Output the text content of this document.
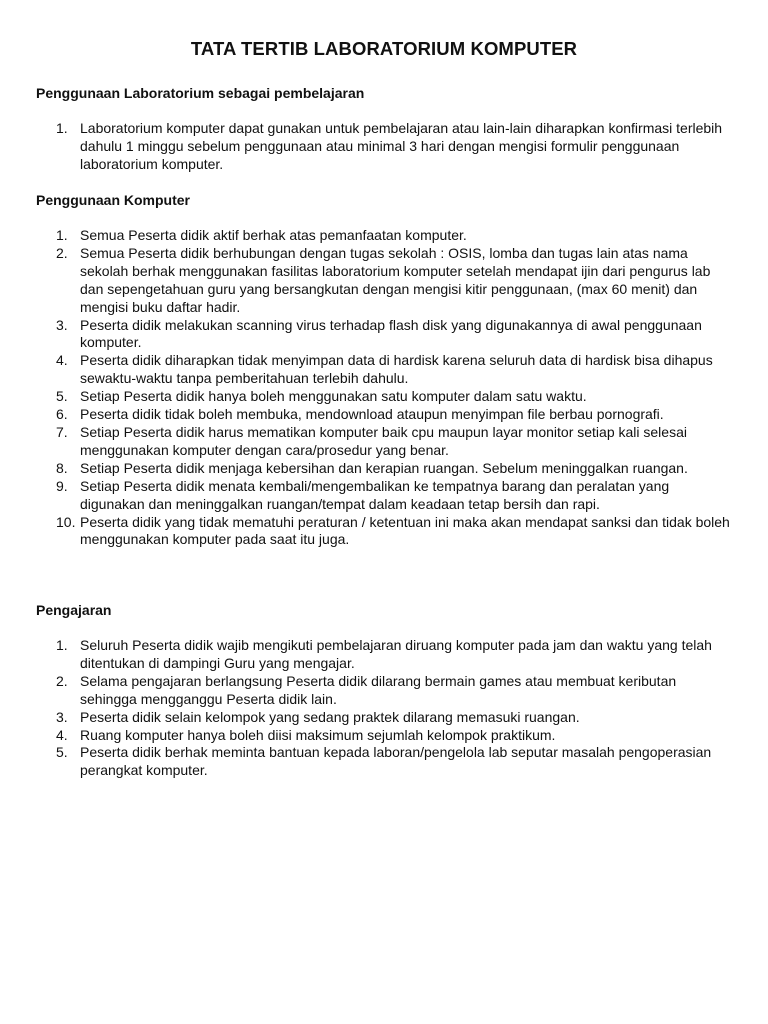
TATA TERTIB LABORATORIUM KOMPUTER

Penggunaan Laboratorium sebagai pembelajaran

1. Laboratorium komputer dapat gunakan untuk pembelajaran atau lain-lain diharapkan konfirmasi terlebih dahulu 1 minggu sebelum penggunaan atau minimal 3 hari dengan mengisi formulir penggunaan laboratorium komputer.

Penggunaan Komputer

1. Semua Peserta didik aktif berhak atas pemanfaatan komputer.
2. Semua Peserta didik berhubungan dengan tugas sekolah : OSIS, lomba dan tugas lain atas nama sekolah berhak menggunakan fasilitas laboratorium komputer setelah mendapat ijin dari pengurus lab dan sepengetahuan guru yang bersangkutan dengan mengisi kitir penggunaan, (max 60 menit) dan mengisi buku daftar hadir.
3. Peserta didik melakukan scanning virus terhadap flash disk yang digunakannya di awal penggunaan komputer.
4. Peserta didik diharapkan tidak menyimpan data di hardisk karena seluruh data di hardisk bisa dihapus sewaktu-waktu tanpa pemberitahuan terlebih dahulu.
5. Setiap Peserta didik hanya boleh menggunakan satu komputer dalam satu waktu.
6. Peserta didik tidak boleh membuka, mendownload ataupun menyimpan file berbau pornografi.
7. Setiap Peserta didik harus mematikan komputer baik cpu maupun layar monitor setiap kali selesai menggunakan komputer dengan cara/prosedur yang benar.
8. Setiap Peserta didik menjaga kebersihan dan kerapian ruangan. Sebelum meninggalkan ruangan.
9. Setiap Peserta didik menata kembali/mengembalikan ke tempatnya barang dan peralatan yang digunakan dan meninggalkan ruangan/tempat dalam keadaan tetap bersih dan rapi.
10. Peserta didik yang tidak mematuhi peraturan / ketentuan ini maka akan mendapat sanksi dan tidak boleh menggunakan komputer pada saat itu juga.

Pengajaran

1. Seluruh Peserta didik wajib mengikuti pembelajaran diruang komputer pada jam dan waktu yang telah ditentukan di dampingi Guru yang mengajar.
2. Selama pengajaran berlangsung Peserta didik dilarang bermain games atau membuat keributan sehingga mengganggu Peserta didik lain.
3. Peserta didik selain kelompok yang sedang praktek dilarang memasuki ruangan.
4. Ruang komputer hanya boleh diisi maksimum sejumlah kelompok praktikum.
5. Peserta didik berhak meminta bantuan kepada laboran/pengelola lab seputar masalah pengoperasian perangkat komputer.
